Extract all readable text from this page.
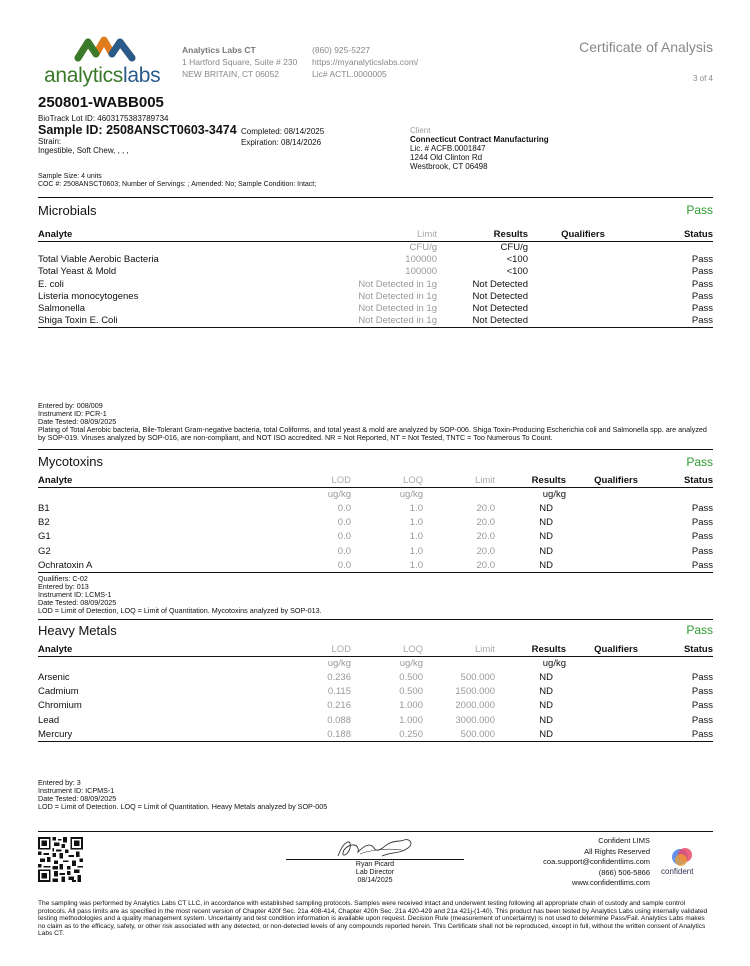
analyticslabs
Analytics Labs CT
1 Hartford Square, Suite # 230
NEW BRITAIN, CT 06052
(860) 925-5227
https://myanalyticslabs.com/
Lic# ACTL.0000005
Certificate of Analysis
3 of 4
250801-WABB005
BioTrack Lot ID: 4603175383789734
Sample ID: 2508ANSCT0603-3474
Strain:
Ingestible, Soft Chew, , , ,
Completed: 08/14/2025
Expiration: 08/14/2026
Client
Connecticut Contract Manufacturing
Lic. # ACFB.0001847
1244 Old Clinton Rd
Westbrook, CT 06498
Sample Size: 4 units
COC #: 2508ANSCT0603; Number of Servings: ; Amended: No; Sample Condition: Intact;
Microbials	Pass
Analyte	Limit	Results	Qualifiers	Status
	CFU/g	CFU/g		
Total Viable Aerobic Bacteria	100000	<100		Pass
Total Yeast & Mold	100000	<100		Pass
E. coli	Not Detected in 1g	Not Detected		Pass
Listeria monocytogenes	Not Detected in 1g	Not Detected		Pass
Salmonella	Not Detected in 1g	Not Detected		Pass
Shiga Toxin E. Coli	Not Detected in 1g	Not Detected		Pass
Entered by: 008/009
Instrument ID: PCR-1
Date Tested: 08/09/2025
Plating of Total Aerobic bacteria, Bile-Tolerant Gram-negative bacteria, total Coliforms, and total yeast & mold are analyzed by SOP-006. Shiga Toxin-Producing Escherichia coli and Salmonella spp. are analyzed by SOP-019. Viruses analyzed by SOP-016, are non-compliant, and NOT ISO accredited. NR = Not Reported, NT = Not Tested, TNTC = Too Numerous To Count.
Mycotoxins	Pass
Analyte	LOD	LOQ	Limit	Results	Qualifiers	Status
	ug/kg	ug/kg		ug/kg		
B1	0.0	1.0	20.0	ND		Pass
B2	0.0	1.0	20.0	ND		Pass
G1	0.0	1.0	20.0	ND		Pass
G2	0.0	1.0	20.0	ND		Pass
Ochratoxin A	0.0	1.0	20.0	ND		Pass
Qualifiers: C-02
Entered by: 013
Instrument ID: LCMS-1
Date Tested: 08/09/2025
LOD = Limit of Detection, LOQ = Limit of Quantitation. Mycotoxins analyzed by SOP-013.
Heavy Metals	Pass
Analyte	LOD	LOQ	Limit	Results	Qualifiers	Status
	ug/kg	ug/kg		ug/kg		
Arsenic	0.236	0.500	500.000	ND		Pass
Cadmium	0.115	0.500	1500.000	ND		Pass
Chromium	0.216	1.000	2000.000	ND		Pass
Lead	0.088	1.000	3000.000	ND		Pass
Mercury	0.188	0.250	500.000	ND		Pass
Entered by: 3
Instrument ID: ICPMS-1
Date Tested: 08/09/2025
LOD = Limit of Detection. LOQ = Limit of Quantitation. Heavy Metals analyzed by SOP-005
Ryan Picard
Lab Director
08/14/2025
Confident LIMS
All Rights Reserved
coa.support@confidentlims.com
(866) 506-5866
www.confidentlims.com
confident
The sampling was performed by Analytics Labs CT LLC, in accordance with established sampling protocols. Samples were received intact and underwent testing following all appropriate chain of custody and sample control protocols. All pass limits are as specified in the most recent version of Chapter 420f Sec. 21a 408-414, Chapter 420h Sec. 21a 420-429 and 21a 421j-(1-40). This product has been tested by Analytics Labs using internally validated testing methodologies and a quality management system. Uncertainty and test condition information is available upon request. Decision Rule (measurement of uncertainty) is not used to determine Pass/Fail. Analytics Labs makes no claim as to the efficacy, safety, or other risk associated with any detected, or non-detected levels of any compounds reported herein. This Certificate shall not be reproduced, except in full, without the written consent of Analytics Labs CT.
